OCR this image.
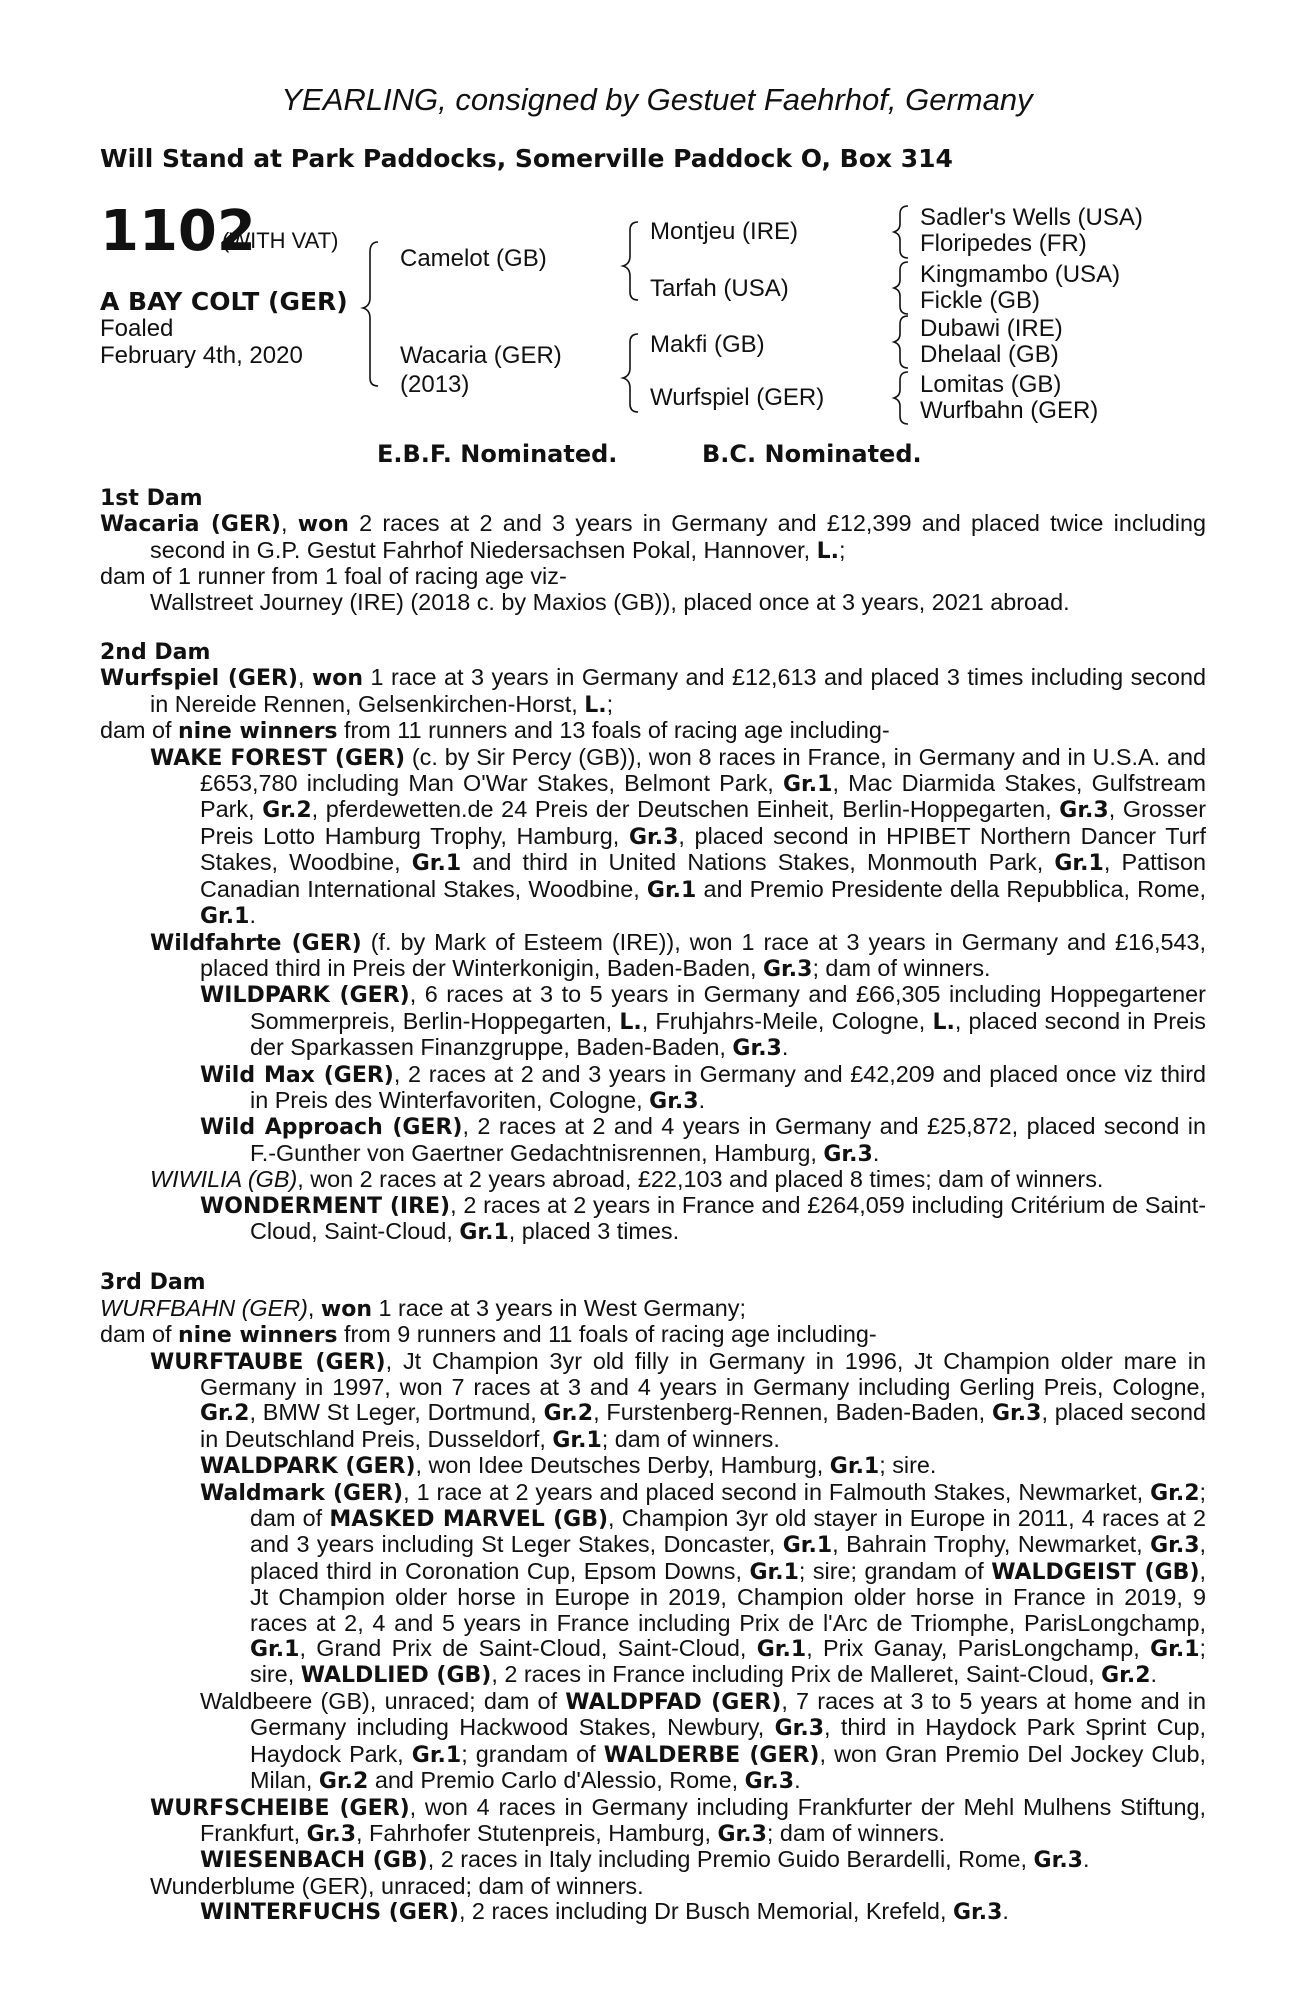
YEARLING, consigned by Gestuet Faehrhof, Germany
Will Stand at Park Paddocks, Somerville Paddock O, Box 314
1102
(WITH VAT)
A BAY COLT (GER)
Foaled
February 4th, 2020
Camelot (GB)
Wacaria (GER)
(2013)
Montjeu (IRE)
Tarfah (USA)
Makfi (GB)
Wurfspiel (GER)
Sadler's Wells (USA)
Floripedes (FR)
Kingmambo (USA)
Fickle (GB)
Dubawi (IRE)
Dhelaal (GB)
Lomitas (GB)
Wurfbahn (GER)
E.B.F. Nominated.	B.C. Nominated.
1st Dam

Wacaria (GER), won 2 races at 2 and 3 years in Germany and £12,399 and placed twice including second in G.P. Gestut Fahrhof Niedersachsen Pokal, Hannover, L.;

dam of 1 runner from 1 foal of racing age viz-

Wallstreet Journey (IRE) (2018 c. by Maxios (GB)), placed once at 3 years, 2021 abroad.

2nd Dam

Wurfspiel (GER), won 1 race at 3 years in Germany and £12,613 and placed 3 times including second in Nereide Rennen, Gelsenkirchen-Horst, L.;

dam of nine winners from 11 runners and 13 foals of racing age including-

WAKE FOREST (GER) (c. by Sir Percy (GB)), won 8 races in France, in Germany and in U.S.A. and £653,780 including Man O'War Stakes, Belmont Park, Gr.1, Mac Diarmida Stakes, Gulfstream Park, Gr.2, pferdewetten.de 24 Preis der Deutschen Einheit, Berlin-Hoppegarten, Gr.3, Grosser Preis Lotto Hamburg Trophy, Hamburg, Gr.3, placed second in HPIBET Northern Dancer Turf Stakes, Woodbine, Gr.1 and third in United Nations Stakes, Monmouth Park, Gr.1, Pattison Canadian International Stakes, Woodbine, Gr.1 and Premio Presidente della Repubblica, Rome, Gr.1.

Wildfahrte (GER) (f. by Mark of Esteem (IRE)), won 1 race at 3 years in Germany and £16,543, placed third in Preis der Winterkonigin, Baden-Baden, Gr.3; dam of winners.

WILDPARK (GER), 6 races at 3 to 5 years in Germany and £66,305 including Hoppegartener Sommerpreis, Berlin-Hoppegarten, L., Fruhjahrs-Meile, Cologne, L., placed second in Preis der Sparkassen Finanzgruppe, Baden-Baden, Gr.3.

Wild Max (GER), 2 races at 2 and 3 years in Germany and £42,209 and placed once viz third in Preis des Winterfavoriten, Cologne, Gr.3.

Wild Approach (GER), 2 races at 2 and 4 years in Germany and £25,872, placed second in F.-Gunther von Gaertner Gedachtnisrennen, Hamburg, Gr.3.

WIWILIA (GB), won 2 races at 2 years abroad, £22,103 and placed 8 times; dam of winners.

WONDERMENT (IRE), 2 races at 2 years in France and £264,059 including Critérium de Saint-Cloud, Saint-Cloud, Gr.1, placed 3 times.

3rd Dam

WURFBAHN (GER), won 1 race at 3 years in West Germany;

dam of nine winners from 9 runners and 11 foals of racing age including-

WURFTAUBE (GER), Jt Champion 3yr old filly in Germany in 1996, Jt Champion older mare in Germany in 1997, won 7 races at 3 and 4 years in Germany including Gerling Preis, Cologne, Gr.2, BMW St Leger, Dortmund, Gr.2, Furstenberg-Rennen, Baden-Baden, Gr.3, placed second in Deutschland Preis, Dusseldorf, Gr.1; dam of winners.

WALDPARK (GER), won Idee Deutsches Derby, Hamburg, Gr.1; sire.

Waldmark (GER), 1 race at 2 years and placed second in Falmouth Stakes, Newmarket, Gr.2; dam of MASKED MARVEL (GB), Champion 3yr old stayer in Europe in 2011, 4 races at 2 and 3 years including St Leger Stakes, Doncaster, Gr.1, Bahrain Trophy, Newmarket, Gr.3, placed third in Coronation Cup, Epsom Downs, Gr.1; sire; grandam of WALDGEIST (GB), Jt Champion older horse in Europe in 2019, Champion older horse in France in 2019, 9 races at 2, 4 and 5 years in France including Prix de l'Arc de Triomphe, ParisLongchamp, Gr.1, Grand Prix de Saint-Cloud, Saint-Cloud, Gr.1, Prix Ganay, ParisLongchamp, Gr.1; sire, WALDLIED (GB), 2 races in France including Prix de Malleret, Saint-Cloud, Gr.2.

Waldbeere (GB), unraced; dam of WALDPFAD (GER), 7 races at 3 to 5 years at home and in Germany including Hackwood Stakes, Newbury, Gr.3, third in Haydock Park Sprint Cup, Haydock Park, Gr.1; grandam of WALDERBE (GER), won Gran Premio Del Jockey Club, Milan, Gr.2 and Premio Carlo d'Alessio, Rome, Gr.3.

WURFSCHEIBE (GER), won 4 races in Germany including Frankfurter der Mehl Mulhens Stiftung, Frankfurt, Gr.3, Fahrhofer Stutenpreis, Hamburg, Gr.3; dam of winners.

WIESENBACH (GB), 2 races in Italy including Premio Guido Berardelli, Rome, Gr.3.

Wunderblume (GER), unraced; dam of winners.

WINTERFUCHS (GER), 2 races including Dr Busch Memorial, Krefeld, Gr.3.
